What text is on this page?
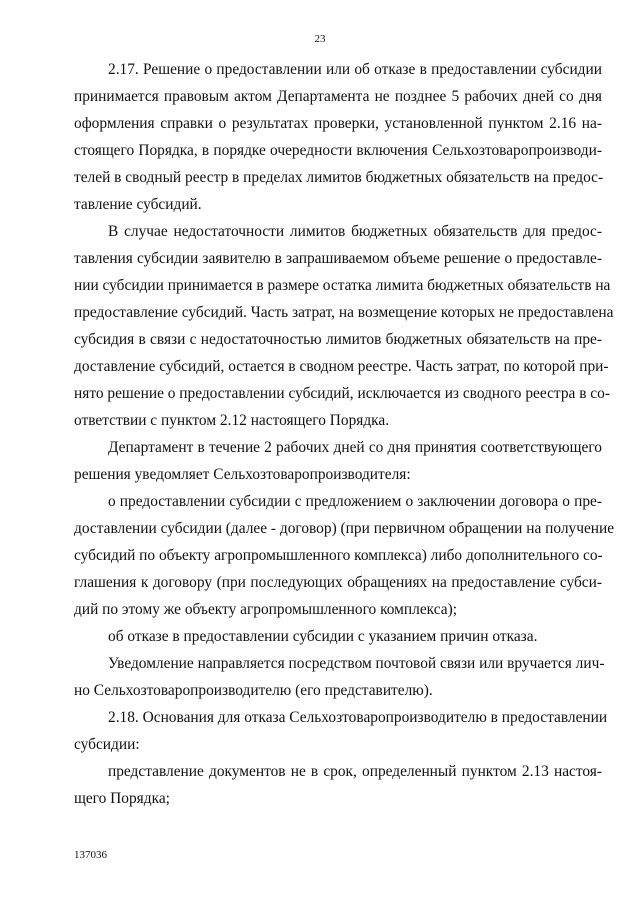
23
2.17. Решение о предоставлении или об отказе в предоставлении субсидии
принимается правовым актом Департамента не позднее 5 рабочих дней со дня
оформления справки о результатах проверки, установленной пунктом 2.16 на-
стоящего Порядка, в порядке очередности включения Сельхозтоваропроизводи-
телей в сводный реестр в пределах лимитов бюджетных обязательств на предос-
тавление субсидий.
В случае недостаточности лимитов бюджетных обязательств для предос-
тавления субсидии заявителю в запрашиваемом объеме решение о предоставле-
нии субсидии принимается в размере остатка лимита бюджетных обязательств на
предоставление субсидий. Часть затрат, на возмещение которых не предоставлена
субсидия в связи с недостаточностью лимитов бюджетных обязательств на пре-
доставление субсидий, остается в сводном реестре. Часть затрат, по которой при-
нято решение о предоставлении субсидий, исключается из сводного реестра в со-
ответствии с пунктом 2.12 настоящего Порядка.
Департамент в течение 2 рабочих дней со дня принятия соответствующего
решения уведомляет Сельхозтоваропроизводителя:
о предоставлении субсидии с предложением о заключении договора о пре-
доставлении субсидии (далее - договор) (при первичном обращении на получение
субсидий по объекту агропромышленного комплекса) либо дополнительного со-
глашения к договору (при последующих обращениях на предоставление субси-
дий по этому же объекту агропромышленного комплекса);
об отказе в предоставлении субсидии с указанием причин отказа.
Уведомление направляется посредством почтовой связи или вручается лич-
но Сельхозтоваропроизводителю (его представителю).
2.18. Основания для отказа Сельхозтоваропроизводителю в предоставлении
субсидии:
представление документов не в срок, определенный пунктом 2.13 настоя-
щего Порядка;
137036
